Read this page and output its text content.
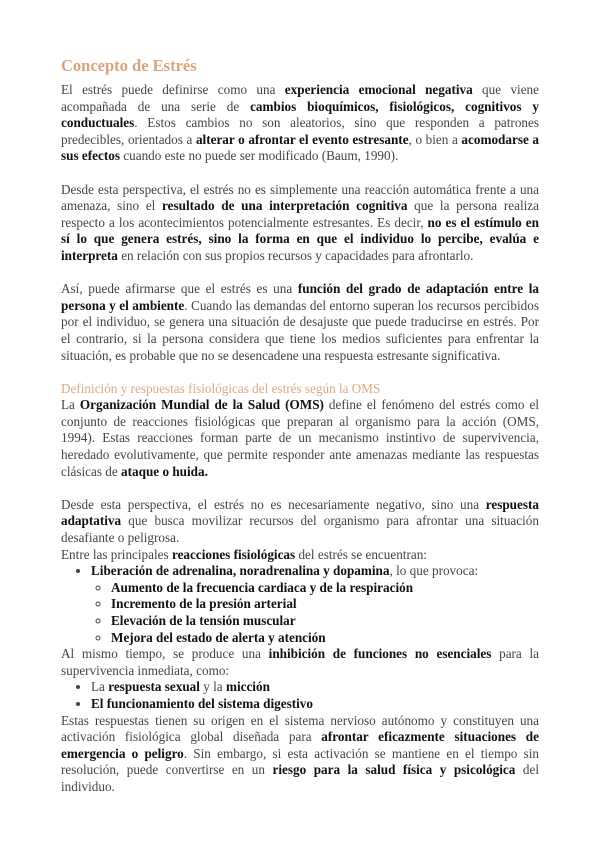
Concepto de Estrés

El estrés puede definirse como una experiencia emocional negativa que viene acompañada de una serie de cambios bioquímicos, fisiológicos, cognitivos y conductuales. Estos cambios no son aleatorios, sino que responden a patrones predecibles, orientados a alterar o afrontar el evento estresante, o bien a acomodarse a sus efectos cuando este no puede ser modificado (Baum, 1990).

Desde esta perspectiva, el estrés no es simplemente una reacción automática frente a una amenaza, sino el resultado de una interpretación cognitiva que la persona realiza respecto a los acontecimientos potencialmente estresantes. Es decir, no es el estímulo en sí lo que genera estrés, sino la forma en que el individuo lo percibe, evalúa e interpreta en relación con sus propios recursos y capacidades para afrontarlo.

Así, puede afirmarse que el estrés es una función del grado de adaptación entre la persona y el ambiente. Cuando las demandas del entorno superan los recursos percibidos por el individuo, se genera una situación de desajuste que puede traducirse en estrés. Por el contrario, si la persona considera que tiene los medios suficientes para enfrentar la situación, es probable que no se desencadene una respuesta estresante significativa.

Definición y respuestas fisiológicas del estrés según la OMS

La Organización Mundial de la Salud (OMS) define el fenómeno del estrés como el conjunto de reacciones fisiológicas que preparan al organismo para la acción (OMS, 1994). Estas reacciones forman parte de un mecanismo instintivo de supervivencia, heredado evolutivamente, que permite responder ante amenazas mediante las respuestas clásicas de ataque o huida.

Desde esta perspectiva, el estrés no es necesariamente negativo, sino una respuesta adaptativa que busca movilizar recursos del organismo para afrontar una situación desafiante o peligrosa.

Entre las principales reacciones fisiológicas del estrés se encuentran:

• Liberación de adrenalina, noradrenalina y dopamina, lo que provoca:
◦ Aumento de la frecuencia cardiaca y de la respiración
◦ Incremento de la presión arterial
◦ Elevación de la tensión muscular
◦ Mejora del estado de alerta y atención

Al mismo tiempo, se produce una inhibición de funciones no esenciales para la supervivencia inmediata, como:

• La respuesta sexual y la micción
• El funcionamiento del sistema digestivo

Estas respuestas tienen su origen en el sistema nervioso autónomo y constituyen una activación fisiológica global diseñada para afrontar eficazmente situaciones de emergencia o peligro. Sin embargo, si esta activación se mantiene en el tiempo sin resolución, puede convertirse en un riesgo para la salud física y psicológica del individuo.
